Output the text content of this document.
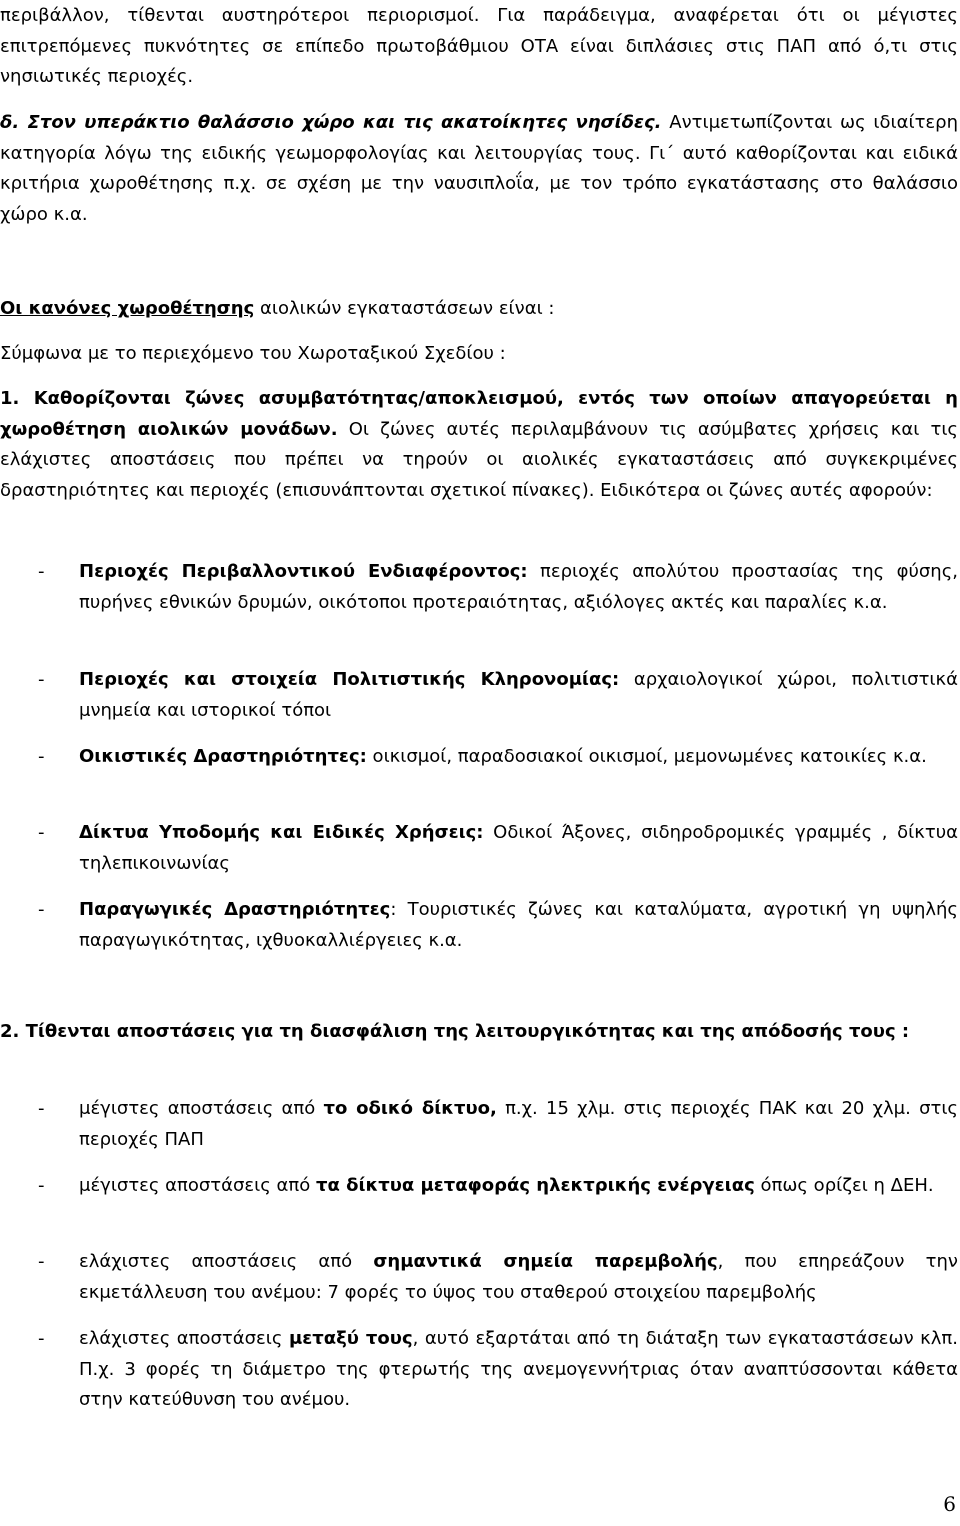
περιβάλλον, τίθενται αυστηρότεροι περιορισμοί. Για παράδειγμα, αναφέρεται ότι οι μέγιστες επιτρεπόμενες πυκνότητες σε επίπεδο πρωτοβάθμιου ΟΤΑ είναι διπλάσιες στις ΠΑΠ από ό,τι στις νησιωτικές περιοχές.

δ. Στον υπεράκτιο θαλάσσιο χώρο και τις ακατοίκητες νησίδες. Αντιμετωπίζονται ως ιδιαίτερη κατηγορία λόγω της ειδικής γεωμορφολογίας και λειτουργίας τους. Γι΄ αυτό καθορίζονται και ειδικά κριτήρια χωροθέτησης π.χ. σε σχέση με την ναυσιπλοΐα, με τον τρόπο εγκατάστασης στο θαλάσσιο χώρο κ.α.

Οι κανόνες χωροθέτησης αιολικών εγκαταστάσεων είναι :

Σύμφωνα με το περιεχόμενο του Χωροταξικού Σχεδίου :

1. Καθορίζονται ζώνες ασυμβατότητας/αποκλεισμού, εντός των οποίων απαγορεύεται η χωροθέτηση αιολικών μονάδων. Οι ζώνες αυτές περιλαμβάνουν τις ασύμβατες χρήσεις και τις ελάχιστες αποστάσεις που πρέπει να τηρούν οι αιολικές εγκαταστάσεις από συγκεκριμένες δραστηριότητες και περιοχές (επισυνάπτονται σχετικοί πίνακες). Ειδικότερα οι ζώνες αυτές αφορούν:

- Περιοχές Περιβαλλοντικού Ενδιαφέροντος: περιοχές απολύτου προστασίας της φύσης, πυρήνες εθνικών δρυμών, οικότοποι προτεραιότητας, αξιόλογες ακτές και παραλίες κ.α.
- Περιοχές και στοιχεία Πολιτιστικής Κληρονομίας: αρχαιολογικοί χώροι, πολιτιστικά μνημεία και ιστορικοί τόποι
- Οικιστικές Δραστηριότητες: οικισμοί, παραδοσιακοί οικισμοί, μεμονωμένες κατοικίες κ.α.
- Δίκτυα Υποδομής και Ειδικές Χρήσεις: Οδικοί Άξονες, σιδηροδρομικές γραμμές , δίκτυα τηλεπικοινωνίας
- Παραγωγικές Δραστηριότητες: Τουριστικές ζώνες και καταλύματα, αγροτική γη υψηλής παραγωγικότητας, ιχθυοκαλλιέργειες κ.α.

2. Τίθενται αποστάσεις για τη διασφάλιση της λειτουργικότητας και της απόδοσής τους :

- μέγιστες αποστάσεις από το οδικό δίκτυο, π.χ. 15 χλμ. στις περιοχές ΠΑΚ και 20 χλμ. στις περιοχές ΠΑΠ
- μέγιστες αποστάσεις από τα δίκτυα μεταφοράς ηλεκτρικής ενέργειας όπως ορίζει η ΔΕΗ.
- ελάχιστες αποστάσεις από σημαντικά σημεία παρεμβολής, που επηρεάζουν την εκμετάλλευση του ανέμου: 7 φορές το ύψος του σταθερού στοιχείου παρεμβολής
- ελάχιστες αποστάσεις μεταξύ τους, αυτό εξαρτάται από τη διάταξη των εγκαταστάσεων κλπ. Π.χ. 3 φορές τη διάμετρο της φτερωτής της ανεμογεννήτριας όταν αναπτύσσονται κάθετα στην κατεύθυνση του ανέμου.
6
